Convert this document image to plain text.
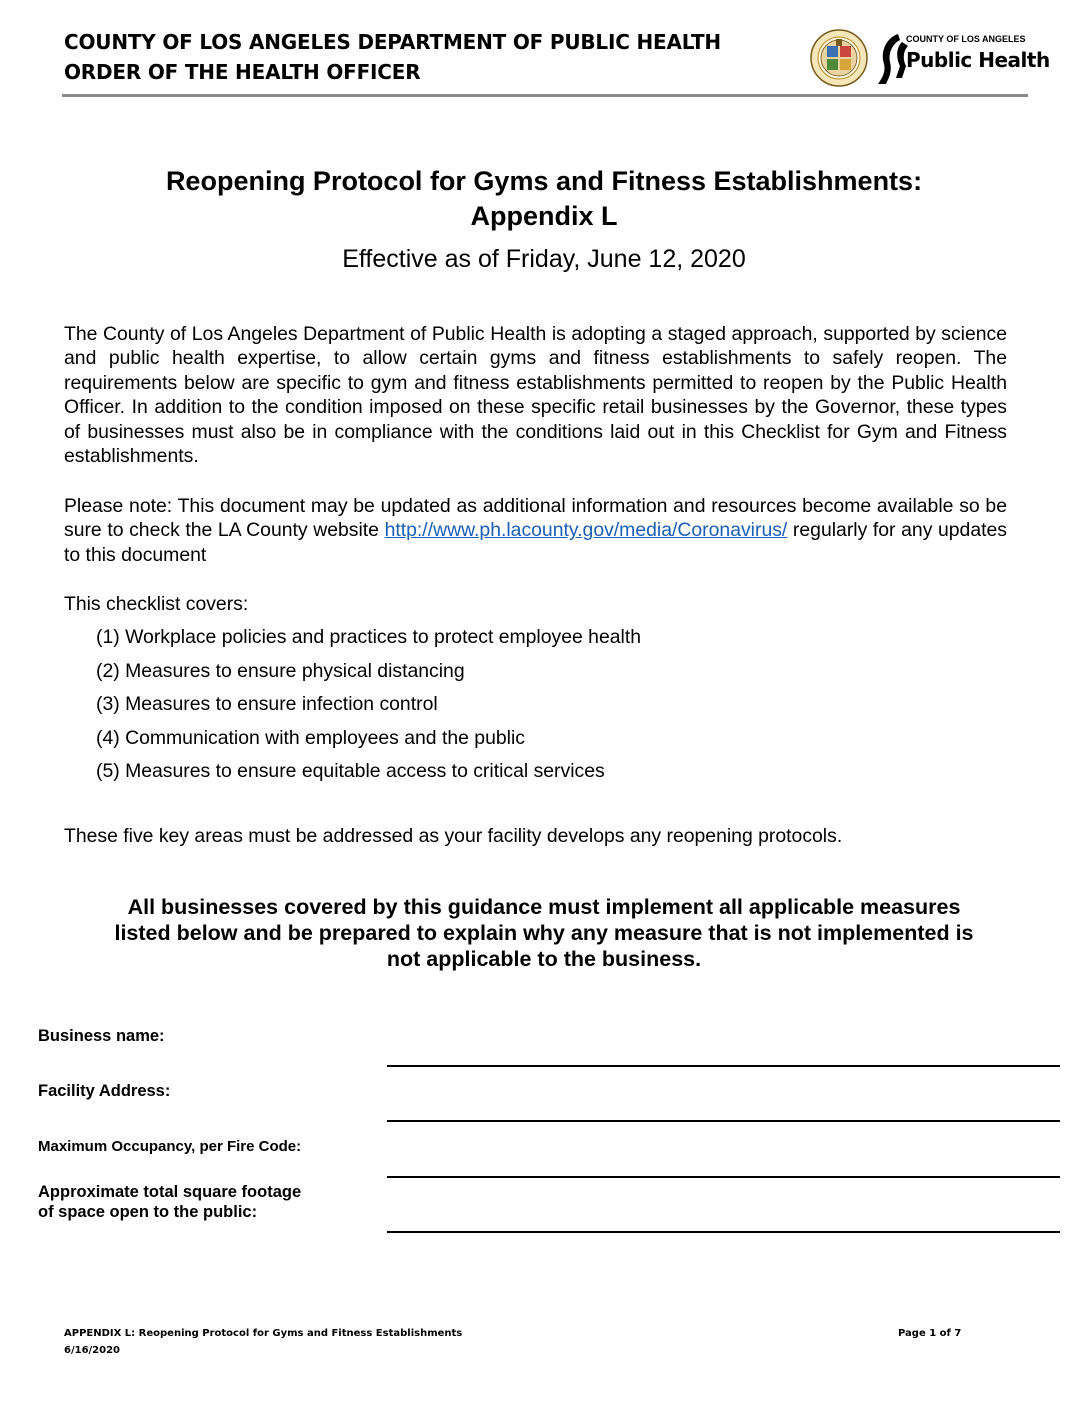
COUNTY OF LOS ANGELES DEPARTMENT OF PUBLIC HEALTH
ORDER OF THE HEALTH OFFICER
COUNTY OF LOS ANGELES
Public Health
Reopening Protocol for Gyms and Fitness Establishments:
Appendix L
Effective as of Friday, June 12, 2020
The County of Los Angeles Department of Public Health is adopting a staged approach, supported by science and public health expertise, to allow certain gyms and fitness establishments to safely reopen. The requirements below are specific to gym and fitness establishments permitted to reopen by the Public Health Officer. In addition to the condition imposed on these specific retail businesses by the Governor, these types of businesses must also be in compliance with the conditions laid out in this Checklist for Gym and Fitness establishments.
Please note: This document may be updated as additional information and resources become available so be sure to check the LA County website http://www.ph.lacounty.gov/media/Coronavirus/ regularly for any updates to this document
This checklist covers:
(1) Workplace policies and practices to protect employee health
(2) Measures to ensure physical distancing
(3) Measures to ensure infection control
(4) Communication with employees and the public
(5) Measures to ensure equitable access to critical services
These five key areas must be addressed as your facility develops any reopening protocols.
All businesses covered by this guidance must implement all applicable measures
listed below and be prepared to explain why any measure that is not implemented is
not applicable to the business.
Business name:
Facility Address:
Maximum Occupancy, per Fire Code:
Approximate total square footage
of space open to the public:
APPENDIX L: Reopening Protocol for Gyms and Fitness Establishments
6/16/2020
Page 1 of 7
